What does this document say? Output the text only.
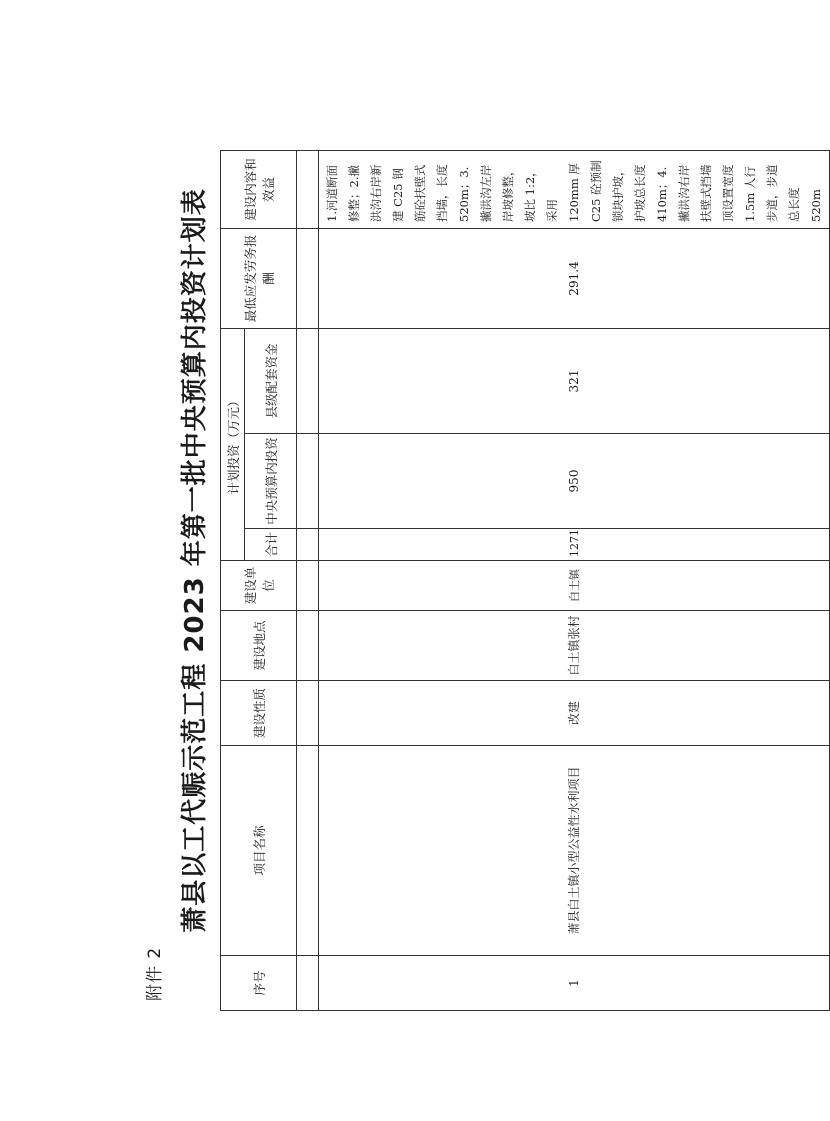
附件 2
萧县以工代赈示范工程 2023 年第一批中央预算内投资计划表
序号	项目名称	建设性质	建设地点	建设单位	计划投资（万元）			最低应发劳务报酬	建设内容和效益
					合计	中央预算内投资	县级配套资金		

1	萧县白土镇小型公益性水利项目	改建	白土镇张村	白土镇	1271	950	321	291.4	1.河道断面修整；2.撇洪沟右岸新建 C25 钢筋砼扶壁式挡墙，长度 520m；3.撇洪沟左岸岸坡修整，坡比 1:2，采用 120mm 厚 C25 砼预制锁块护坡，护坡总长度 410m；4.撇洪沟右岸扶壁式挡墙顶设置宽度 1.5m 人行步道，步道总长度 520m
